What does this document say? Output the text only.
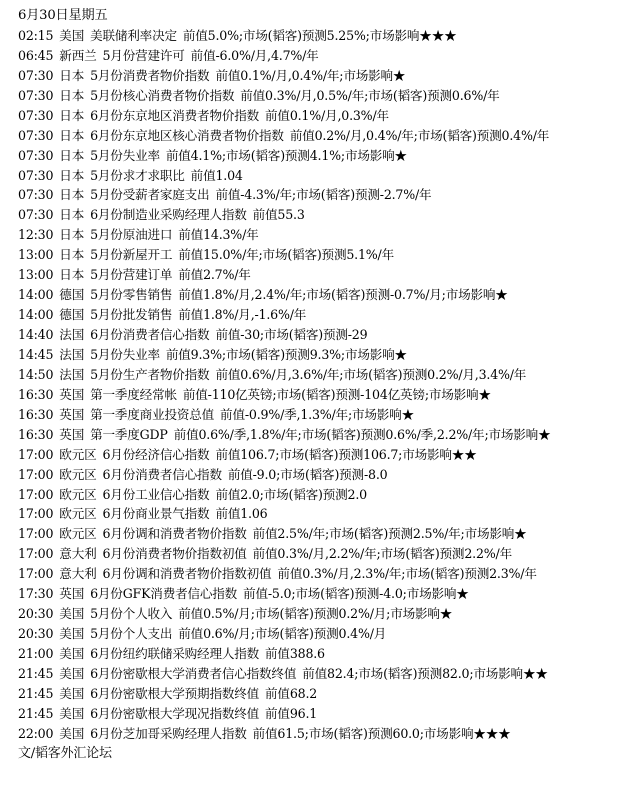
6月30日星期五
02:15 美国 美联储利率决定 前值5.0%;市场(韬客)预测5.25%;市场影响★★★
06:45 新西兰 5月份营建许可 前值-6.0%/月,4.7%/年
07:30 日本 5月份消费者物价指数 前值0.1%/月,0.4%/年;市场影响★
07:30 日本 5月份核心消费者物价指数 前值0.3%/月,0.5%/年;市场(韬客)预测0.6%/年
07:30 日本 6月份东京地区消费者物价指数 前值0.1%/月,0.3%/年
07:30 日本 6月份东京地区核心消费者物价指数 前值0.2%/月,0.4%/年;市场(韬客)预测0.4%/年
07:30 日本 5月份失业率 前值4.1%;市场(韬客)预测4.1%;市场影响★
07:30 日本 5月份求才求职比 前值1.04
07:30 日本 5月份受薪者家庭支出 前值-4.3%/年;市场(韬客)预测-2.7%/年
07:30 日本 6月份制造业采购经理人指数 前值55.3
12:30 日本 5月份原油进口 前值14.3%/年
13:00 日本 5月份新屋开工 前值15.0%/年;市场(韬客)预测5.1%/年
13:00 日本 5月份营建订单 前值2.7%/年
14:00 德国 5月份零售销售 前值1.8%/月,2.4%/年;市场(韬客)预测-0.7%/月;市场影响★
14:00 德国 5月份批发销售 前值1.8%/月,-1.6%/年
14:40 法国 6月份消费者信心指数 前值-30;市场(韬客)预测-29
14:45 法国 5月份失业率 前值9.3%;市场(韬客)预测9.3%;市场影响★
14:50 法国 5月份生产者物价指数 前值0.6%/月,3.6%/年;市场(韬客)预测0.2%/月,3.4%/年
16:30 英国 第一季度经常帐 前值-110亿英镑;市场(韬客)预测-104亿英镑;市场影响★
16:30 英国 第一季度商业投资总值 前值-0.9%/季,1.3%/年;市场影响★
16:30 英国 第一季度GDP 前值0.6%/季,1.8%/年;市场(韬客)预测0.6%/季,2.2%/年;市场影响★
17:00 欧元区 6月份经济信心指数 前值106.7;市场(韬客)预测106.7;市场影响★★
17:00 欧元区 6月份消费者信心指数 前值-9.0;市场(韬客)预测-8.0
17:00 欧元区 6月份工业信心指数 前值2.0;市场(韬客)预测2.0
17:00 欧元区 6月份商业景气指数 前值1.06
17:00 欧元区 6月份调和消费者物价指数 前值2.5%/年;市场(韬客)预测2.5%/年;市场影响★
17:00 意大利 6月份消费者物价指数初值 前值0.3%/月,2.2%/年;市场(韬客)预测2.2%/年
17:00 意大利 6月份调和消费者物价指数初值 前值0.3%/月,2.3%/年;市场(韬客)预测2.3%/年
17:30 英国 6月份GFK消费者信心指数 前值-5.0;市场(韬客)预测-4.0;市场影响★
20:30 美国 5月份个人收入 前值0.5%/月;市场(韬客)预测0.2%/月;市场影响★
20:30 美国 5月份个人支出 前值0.6%/月;市场(韬客)预测0.4%/月
21:00 美国 6月份纽约联储采购经理人指数 前值388.6
21:45 美国 6月份密歇根大学消费者信心指数终值 前值82.4;市场(韬客)预测82.0;市场影响★★
21:45 美国 6月份密歇根大学预期指数终值 前值68.2
21:45 美国 6月份密歇根大学现况指数终值 前值96.1
22:00 美国 6月份芝加哥采购经理人指数 前值61.5;市场(韬客)预测60.0;市场影响★★★
文/韬客外汇论坛
